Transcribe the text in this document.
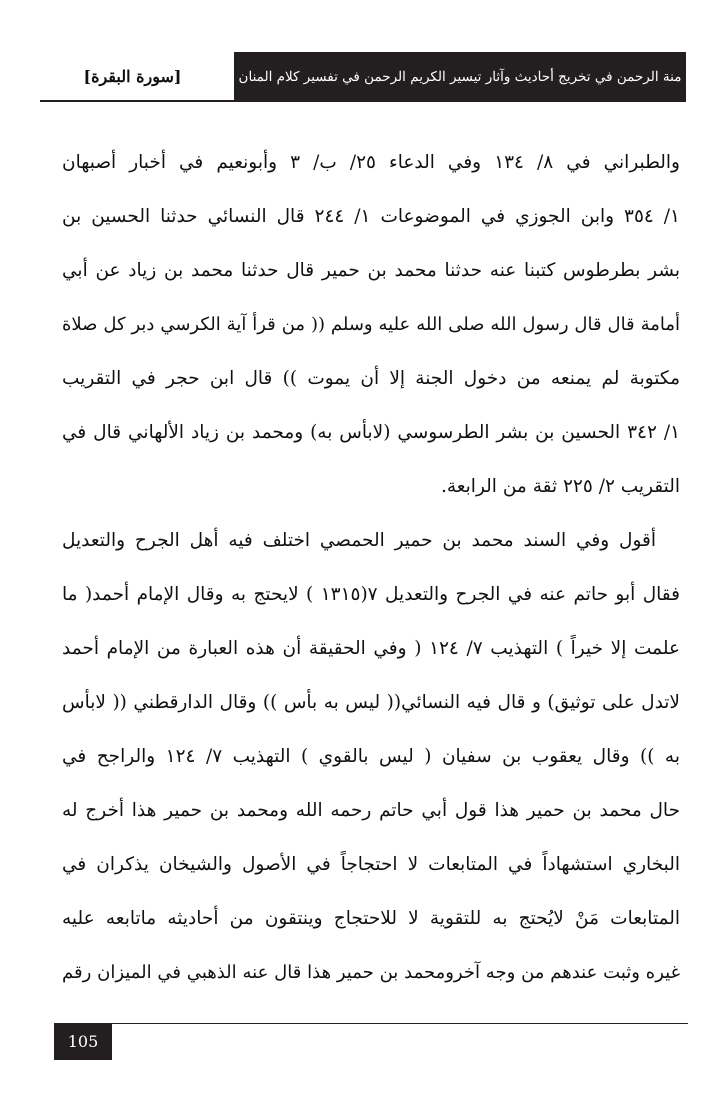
[سورة البقرة]	منة الرحمن في تخريج أحاديث وآثار تيسير الكريم الرحمن في تفسير كلام المنان
والطبراني في ٨/ ١٣٤ وفي الدعاء ٢٥/ ب/ ٣ وأبونعيم في أخبار أصبهان
١/ ٣٥٤ وابن الجوزي في الموضوعات ١/ ٢٤٤ قال النسائي حدثنا الحسين بن
بشر بطرطوس كتبنا عنه حدثنا محمد بن حمير قال حدثنا محمد بن زياد عن أبي
أمامة قال قال رسول الله صلى الله عليه وسلم (( من قرأ آية الكرسي دبر كل صلاة
مكتوبة لم يمنعه من دخول الجنة إلا أن يموت )) قال ابن حجر في التقريب
١/ ٣٤٢ الحسين بن بشر الطرسوسي (لابأس به) ومحمد بن زياد الألهاني قال في
التقريب ٢/ ٢٢٥ ثقة من الرابعة.
أقول وفي السند محمد بن حمير الحمصي اختلف فيه أهل الجرح والتعديل
فقال أبو حاتم عنه في الجرح والتعديل ٧(١٣١٥ ) لايحتج به وقال الإمام أحمد( ما
علمت إلا خيراً ) التهذيب ٧/ ١٢٤ ( وفي الحقيقة أن هذه العبارة من الإمام أحمد
لاتدل على توثيق) و قال فيه النسائي(( ليس به بأس )) وقال الدارقطني (( لابأس
به )) وقال يعقوب بن سفيان ( ليس بالقوي ) التهذيب ٧/ ١٢٤ والراجح في
حال محمد بن حمير هذا قول أبي حاتم رحمه الله ومحمد بن حمير هذا أخرج له
البخاري استشهاداً في المتابعات لا احتجاجاً في الأصول والشيخان يذكران في
المتابعات مَنْ لايُحتج به للتقوية لا للاحتجاج وينتقون من أحاديثه ماتابعه عليه
غيره وثبت عندهم من وجه آخرومحمد بن حمير هذا قال عنه الذهبي في الميزان رقم
105
